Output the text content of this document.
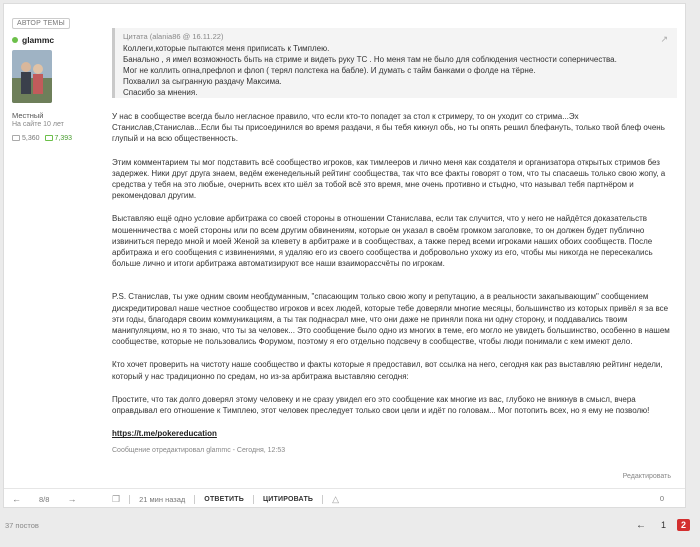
АВТОР ТЕМЫ
glammc
Местный
На сайте 10 лет
5,360	7,393
Цитата (alania86 @ 16.11.22)
Коллеги,которые пытаются меня приписать к Тимплею.
Банально , я имел возможность быть на стриме и видеть руку ТС . Но меня там не было для соблюдения честности соперничества.
Мог не коллить опна,префлоп и флоп ( терял полстека на бабле). И думать с тайм банками о фолде на тёрне.
Похвалил за сыгранную раздачу Максима.
Спасибо за мнения.
↗

У нас в сообществе всегда было негласное правило, что если кто-то попадет за стол к стримеру, то он уходит со стрима...Эх Станислав,Станислав...Если бы ты присоединился во время раздачи, я бы тебя кикнул обь, но ты опять решил блефануть, только твой блеф очень глупый и на всю общественность.

Этим комментарием ты мог подставить всё сообщество игроков, как тимлееров и лично меня как создателя и организатора открытых стримов без задержек. Ники друг друга знаем, ведём еженедельный рейтинг сообщества, так что все факты говорят о том, что ты спасаешь только свою жопу, а средства у тебя на это любые, очернить всех кто шёл за тобой всё это время, мне очень противно и стыдно, что называл тебя партнёром и рекомендовал другим.

Выставляю ещё одно условие арбитража со своей стороны в отношении Станислава, если так случится, что у него не найдётся доказательств мошенничества с моей стороны или по всем другим обвинениям, которые он указал в своём громком заголовке, то он должен будет публично извиниться передо мной и моей Женой за клевету в арбитраже и в сообществах, а также перед всеми игроками наших обоих сообществ. После арбитража и его сообщения с извинениями, я удаляю его из своего сообщества и добровольно ухожу из его, чтобы мы никогда не пересекались больше лично и итоги арбитража автоматизируют все наши взаиморассчёты по игрокам.

P.S. Станислав, ты уже одним своим необдуманным, "спасающим только свою жопу и репутацию, а в реальности закапывающим" сообщением дискредитировал наше честное сообщество игроков и всех людей, которые тебе доверяли многие месяцы, большинство из которых привёл я за все эти годы, благодаря своим коммуникациям, а ты так поднасрал мне, что они даже не приняли пока ни одну сторону, и поддавались твоим манипуляциям, но я то знаю, что ты за человек... Это сообщение было одно из многих в теме, его могло не увидеть большинство, особенно в нашем сообществе, которые не пользовались Форумом, поэтому я его отдельно подсвечу в сообществе, чтобы люди понимали с кем имеют дело.

Кто хочет проверить на чистоту наше сообщество и факты которые я предоставил, вот ссылка на него, сегодня как раз выставляю рейтинг недели, который у нас традиционно по средам, но из-за арбитража выставляю сегодня:

Простите, что так долго доверял этому человеку и не сразу увидел его это сообщение как многие из вас, глубоко не вникнув в смысл, вчера оправдывал его отношение к Тимплею, этот человек преследует только свои цели и идёт по головам... Мог потопить всех, но я ему не позволю!

https://t.me/pokereducation

Сообщение отредактировал glammc - Сегодня, 12:53
Редактировать
← 8/8 →	❐	21 мин назад	ОТВЕТИТЬ	ЦИТИРОВАТЬ △	0
37 постов	←	1	2
